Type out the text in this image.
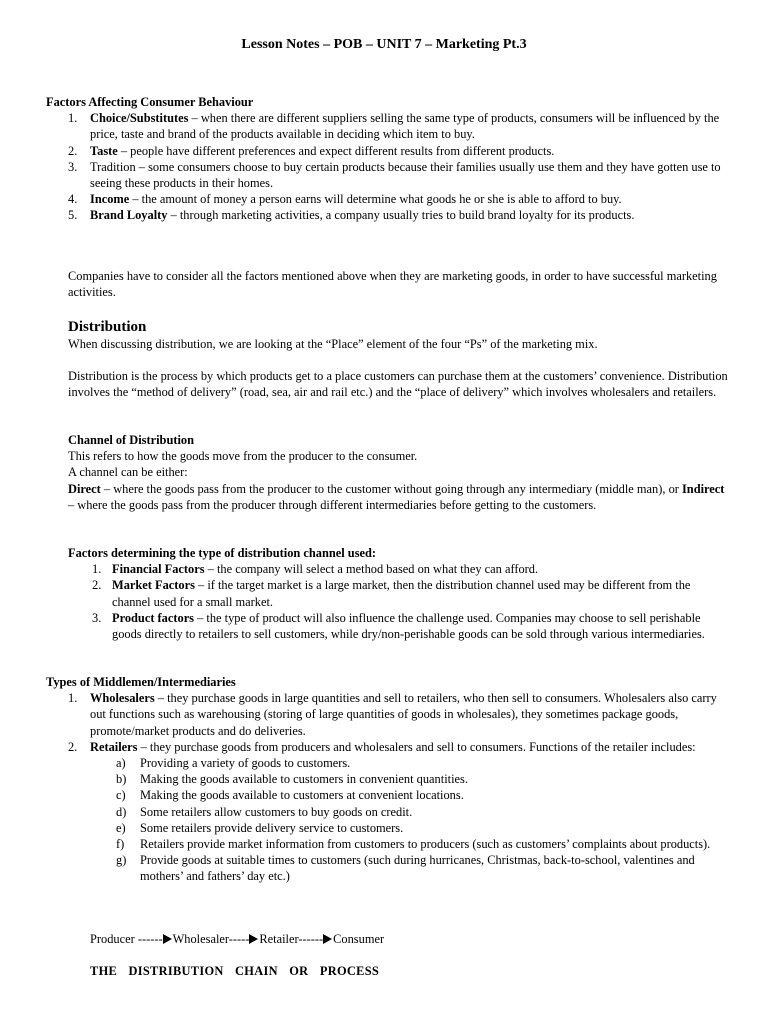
Lesson Notes – POB – UNIT 7 – Marketing Pt.3
Factors Affecting Consumer Behaviour
1. Choice/Substitutes – when there are different suppliers selling the same type of products, consumers will be influenced by the price, taste and brand of the products available in deciding which item to buy.
2. Taste – people have different preferences and expect different results from different products.
3. Tradition – some consumers choose to buy certain products because their families usually use them and they have gotten use to seeing these products in their homes.
4. Income – the amount of money a person earns will determine what goods he or she is able to afford to buy.
5. Brand Loyalty – through marketing activities, a company usually tries to build brand loyalty for its products.
Companies have to consider all the factors mentioned above when they are marketing goods, in order to have successful marketing activities.
Distribution
When discussing distribution, we are looking at the “Place” element of the four “Ps” of the marketing mix.
Distribution is the process by which products get to a place customers can purchase them at the customers’ convenience. Distribution involves the “method of delivery” (road, sea, air and rail etc.) and the “place of delivery” which involves wholesalers and retailers.
Channel of Distribution
This refers to how the goods move from the producer to the consumer.
A channel can be either:
Direct – where the goods pass from the producer to the customer without going through any intermediary (middle man), or Indirect – where the goods pass from the producer through different intermediaries before getting to the customers.
Factors determining the type of distribution channel used:
1. Financial Factors – the company will select a method based on what they can afford.
2. Market Factors – if the target market is a large market, then the distribution channel used may be different from the channel used for a small market.
3. Product factors – the type of product will also influence the challenge used. Companies may choose to sell perishable goods directly to retailers to sell customers, while dry/non-perishable goods can be sold through various intermediaries.
Types of Middlemen/Intermediaries
1. Wholesalers – they purchase goods in large quantities and sell to retailers, who then sell to consumers. Wholesalers also carry out functions such as warehousing (storing of large quantities of goods in wholesales), they sometimes package goods, promote/market products and do deliveries.
2. Retailers – they purchase goods from producers and wholesalers and sell to consumers. Functions of the retailer includes:
a) Providing a variety of goods to customers.
b) Making the goods available to customers in convenient quantities.
c) Making the goods available to customers at convenient locations.
d) Some retailers allow customers to buy goods on credit.
e) Some retailers provide delivery service to customers.
f) Retailers provide market information from customers to producers (such as customers’ complaints about products).
g) Provide goods at suitable times to customers (such during hurricanes, Christmas, back-to-school, valentines and mothers’ and fathers’ day etc.)
Producer ------ Wholesaler----- Retailer------ Consumer
THE DISTRIBUTION CHAIN OR PROCESS
